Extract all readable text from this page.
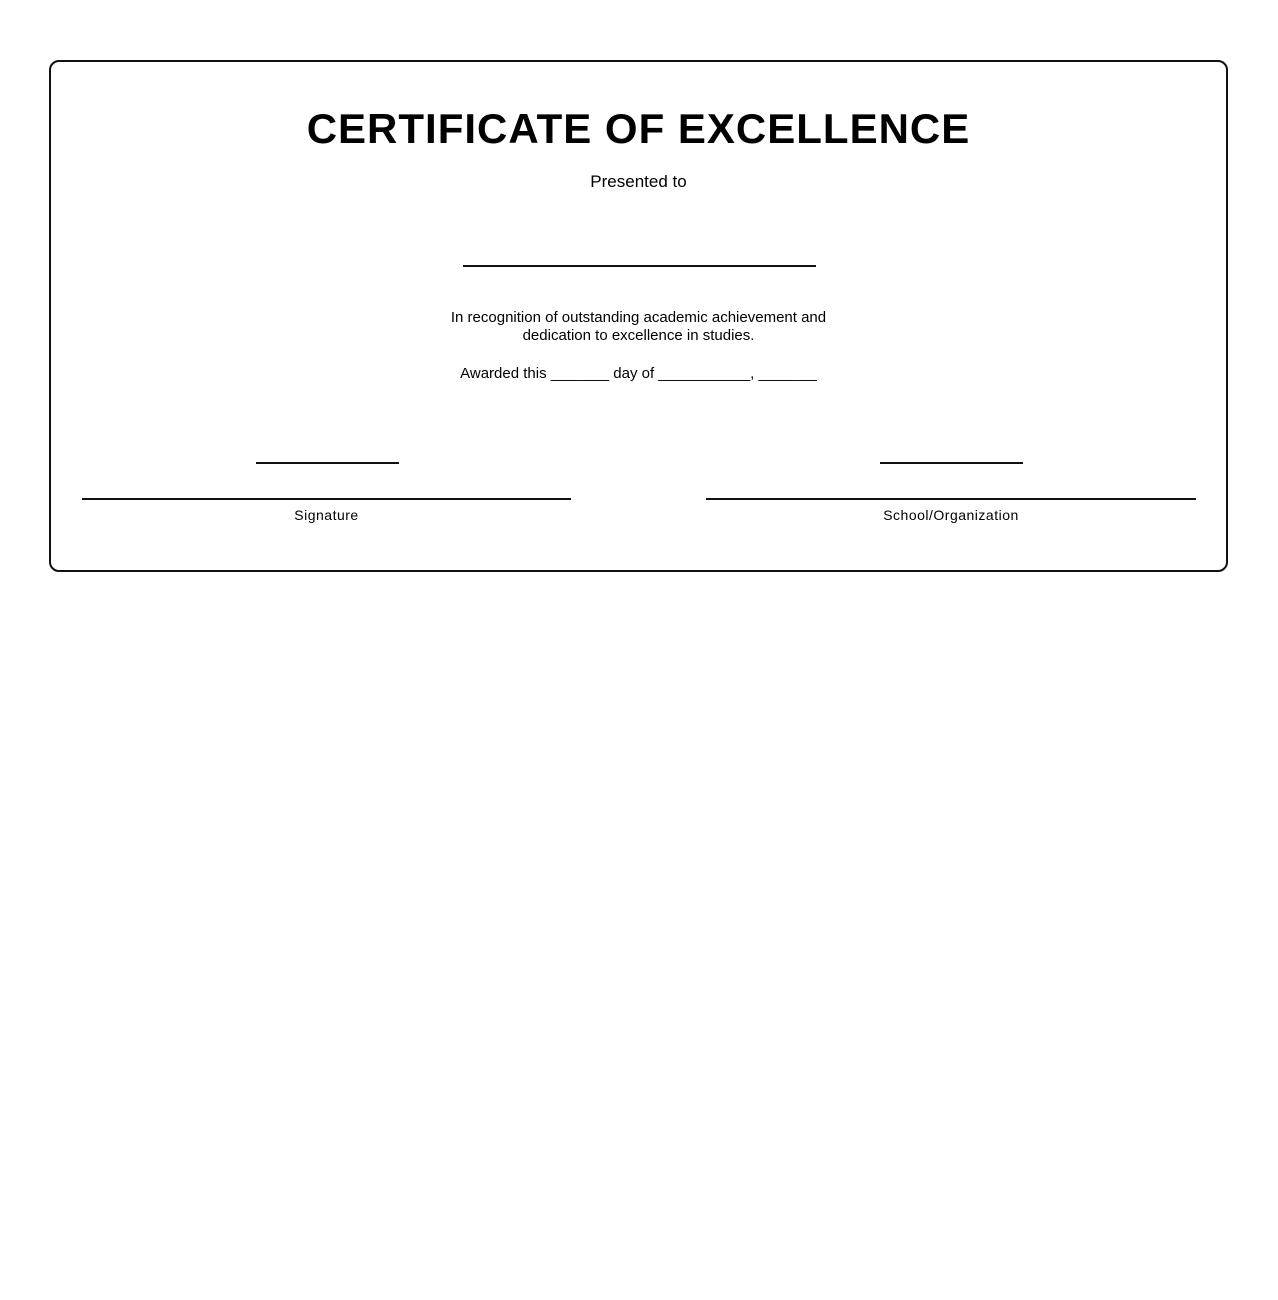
CERTIFICATE OF EXCELLENCE
Presented to
In recognition of outstanding academic achievement and
dedication to excellence in studies.
Awarded this _______ day of ___________, _______
Signature	School/Organization
